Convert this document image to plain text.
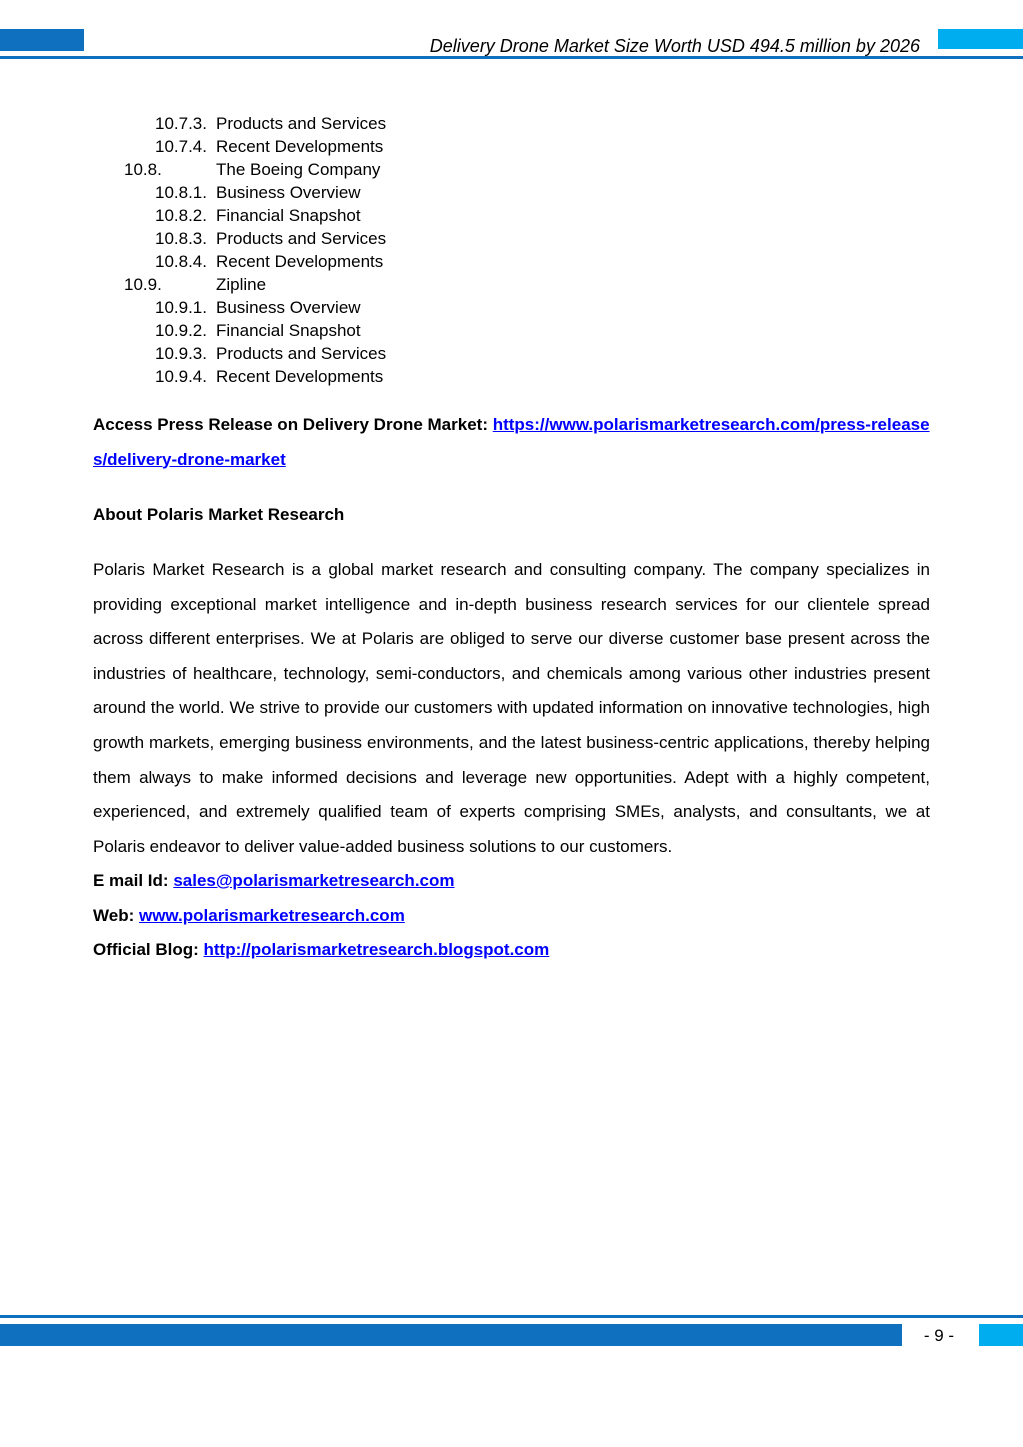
Delivery Drone Market Size Worth USD 494.5 million by 2026
10.7.3. Products and Services
10.7.4. Recent Developments
10.8.	The Boeing Company
10.8.1. Business Overview
10.8.2. Financial Snapshot
10.8.3. Products and Services
10.8.4. Recent Developments
10.9.	Zipline
10.9.1. Business Overview
10.9.2. Financial Snapshot
10.9.3. Products and Services
10.9.4. Recent Developments
Access Press Release on Delivery Drone Market: https://www.polarismarketresearch.com/press-releases/delivery-drone-market
About Polaris Market Research
Polaris Market Research is a global market research and consulting company. The company specializes in providing exceptional market intelligence and in-depth business research services for our clientele spread across different enterprises. We at Polaris are obliged to serve our diverse customer base present across the industries of healthcare, technology, semi-conductors, and chemicals among various other industries present around the world. We strive to provide our customers with updated information on innovative technologies, high growth markets, emerging business environments, and the latest business-centric applications, thereby helping them always to make informed decisions and leverage new opportunities. Adept with a highly competent, experienced, and extremely qualified team of experts comprising SMEs, analysts, and consultants, we at Polaris endeavor to deliver value-added business solutions to our customers.
E mail Id: sales@polarismarketresearch.com
Web: www.polarismarketresearch.com
Official Blog: http://polarismarketresearch.blogspot.com
- 9 -
